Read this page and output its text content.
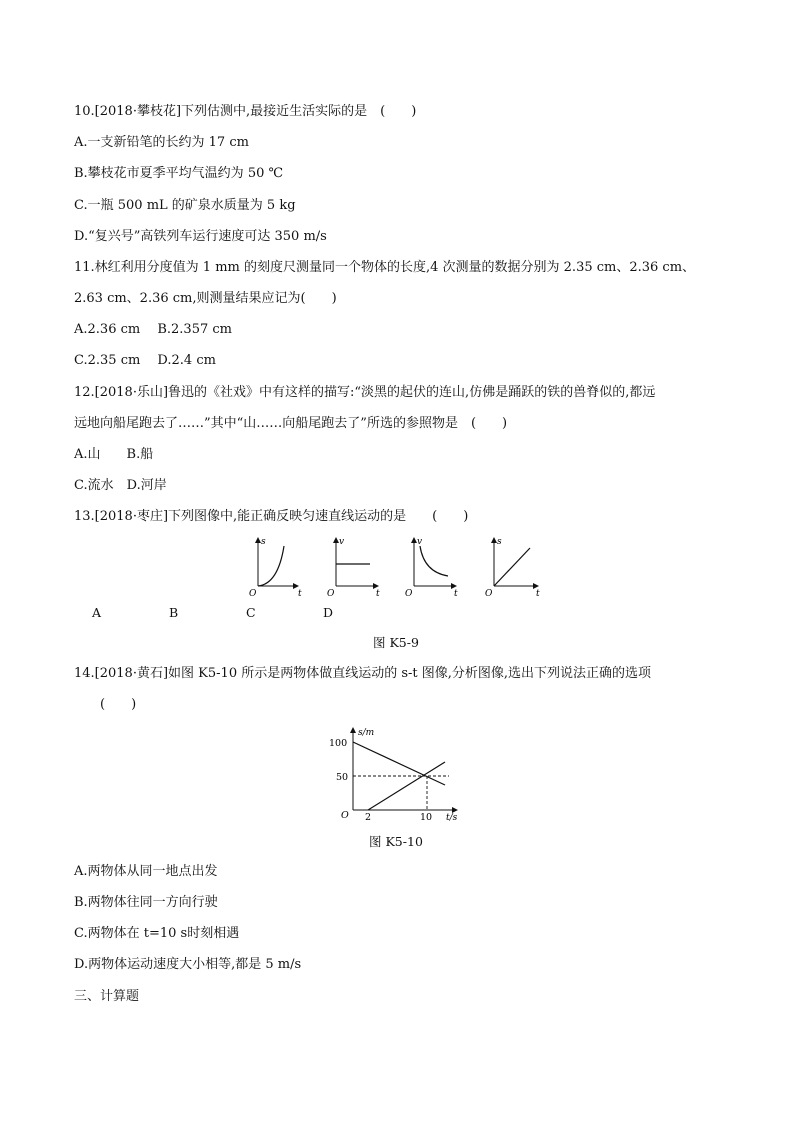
10.[2018·攀枝花]下列估测中,最接近生活实际的是　(　　)
A.一支新铅笔的长约为 17 cm
B.攀枝花市夏季平均气温约为 50 ℃
C.一瓶 500 mL 的矿泉水质量为 5 kg
D.“复兴号”高铁列车运行速度可达 350 m/s
11.林红利用分度值为 1 mm 的刻度尺测量同一个物体的长度,4 次测量的数据分别为 2.35 cm、2.36 cm、
2.63 cm、2.36 cm,则测量结果应记为(　　)
A.2.36 cm　 B.2.357 cm
C.2.35 cm　 D.2.4 cm
12.[2018·乐山]鲁迅的《社戏》中有这样的描写:“淡黑的起伏的连山,仿佛是踊跃的铁的兽脊似的,都远
远地向船尾跑去了……”其中“山……向船尾跑去了”所选的参照物是　(　　)
A.山　　B.船
C.流水　D.河岸
13.[2018·枣庄]下列图像中,能正确反映匀速直线运动的是　　(　　)
s
t
O
v
t
O
v
t
O
s
t
O
A	B	C	D
图 K5-9
14.[2018·黄石]如图 K5-10 所示是两物体做直线运动的 s-t 图像,分析图像,选出下列说法正确的选项
(　　)
s/m
t/s
100
50
O 2	10
图 K5-10
A.两物体从同一地点出发
B.两物体往同一方向行驶
C.两物体在 t=10 s时刻相遇
D.两物体运动速度大小相等,都是 5 m/s
三、计算题
